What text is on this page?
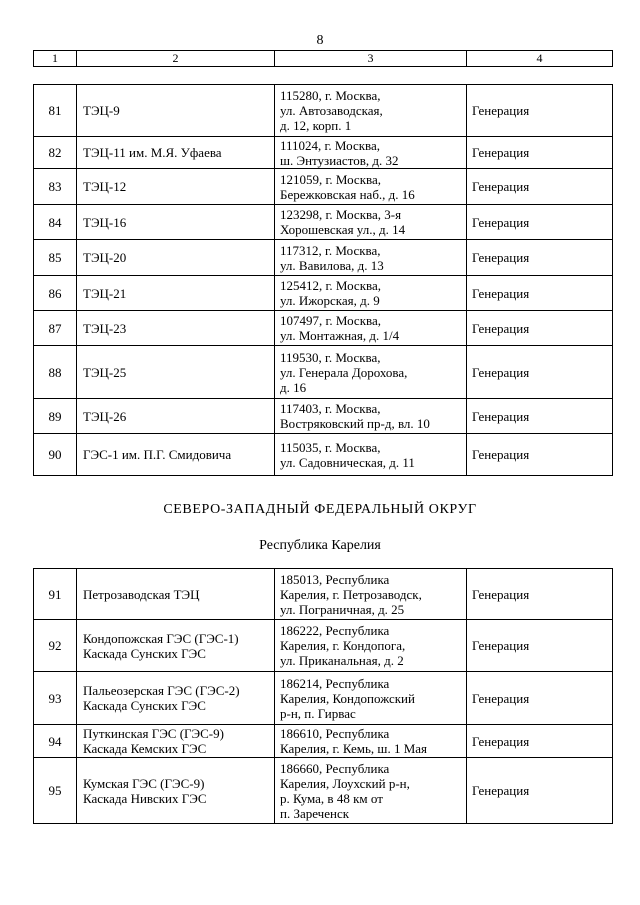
8
1	2	3	4
81	ТЭЦ-9	115280, г. Москва,
ул. Автозаводская,
д. 12, корп. 1	Генерация
82	ТЭЦ-11 им. М.Я. Уфаева	111024, г. Москва,
ш. Энтузиастов, д. 32	Генерация
83	ТЭЦ-12	121059, г. Москва,
Бережковская наб., д. 16	Генерация
84	ТЭЦ-16	123298, г. Москва, 3-я
Хорошевская ул., д. 14	Генерация
85	ТЭЦ-20	117312, г. Москва,
ул. Вавилова, д. 13	Генерация
86	ТЭЦ-21	125412, г. Москва,
ул. Ижорская, д. 9	Генерация
87	ТЭЦ-23	107497, г. Москва,
ул. Монтажная, д. 1/4	Генерация
88	ТЭЦ-25	119530, г. Москва,
ул. Генерала Дорохова,
д. 16	Генерация
89	ТЭЦ-26	117403, г. Москва,
Востряковский пр-д, вл. 10	Генерация
90	ГЭС-1 им. П.Г. Смидовича	115035, г. Москва,
ул. Садовническая, д. 11	Генерация
СЕВЕРО-ЗАПАДНЫЙ ФЕДЕРАЛЬНЫЙ ОКРУГ
Республика Карелия
91	Петрозаводская ТЭЦ	185013, Республика
Карелия, г. Петрозаводск,
ул. Пограничная, д. 25	Генерация
92	Кондопожская ГЭС (ГЭС-1)
Каскада Сунских ГЭС	186222, Республика
Карелия, г. Кондопога,
ул. Приканальная, д. 2	Генерация
93	Пальеозерская ГЭС (ГЭС-2)
Каскада Сунских ГЭС	186214, Республика
Карелия, Кондопожский
р-н, п. Гирвас	Генерация
94	Путкинская ГЭС (ГЭС-9)
Каскада Кемских ГЭС	186610, Республика
Карелия, г. Кемь, ш. 1 Мая	Генерация
95	Кумская ГЭС (ГЭС-9)
Каскада Нивских ГЭС	186660, Республика
Карелия, Лоухский р-н,
р. Кума, в 48 км от
п. Зареченск	Генерация
